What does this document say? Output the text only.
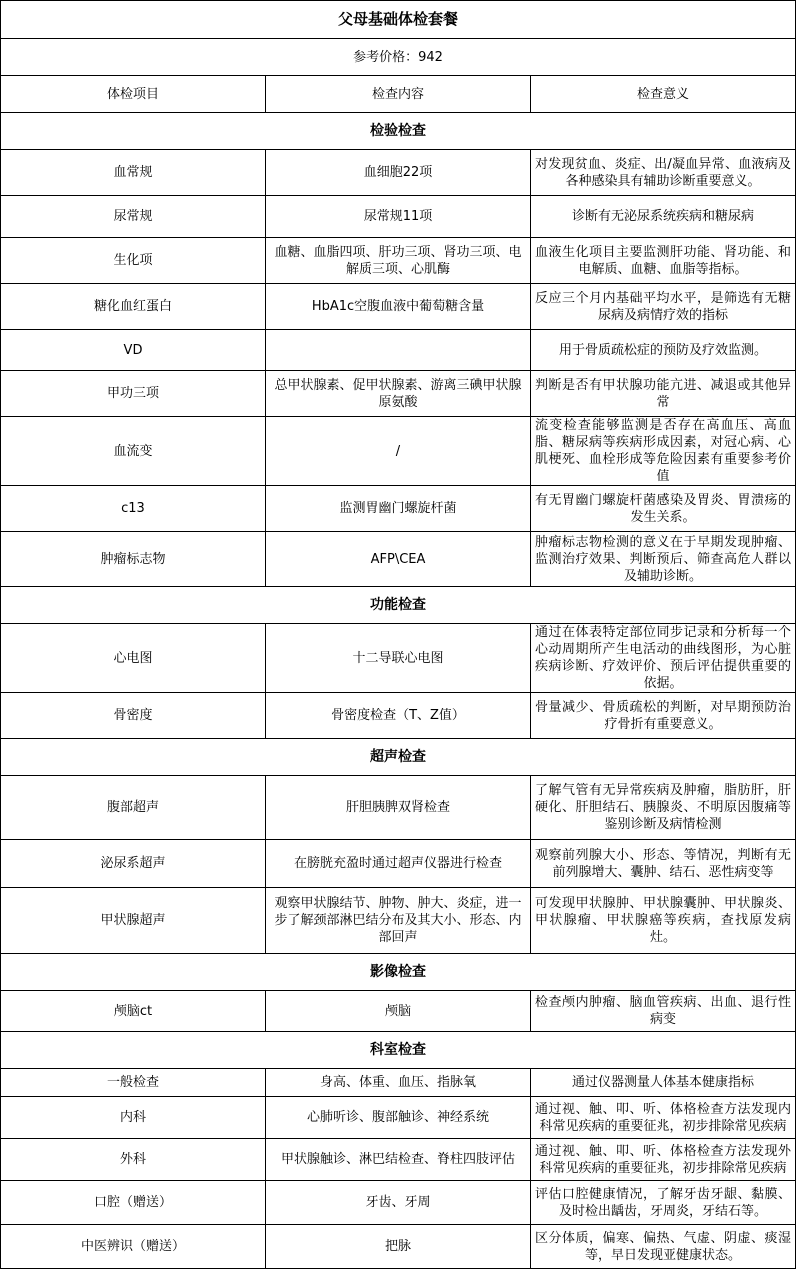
父母基础体检套餐		
参考价格：942		
体检项目	检查内容	检查意义
检验检查		
血常规	血细胞22项	对发现贫血、炎症、出/凝血异常、血液病及各种感染具有辅助诊断重要意义。
尿常规	尿常规11项	诊断有无泌尿系统疾病和糖尿病
生化项	血糖、血脂四项、肝功三项、肾功三项、电解质三项、心肌酶	血液生化项目主要监测肝功能、肾功能、和电解质、血糖、血脂等指标。
糖化血红蛋白	HbA1c空腹血液中葡萄糖含量	反应三个月内基础平均水平，是筛选有无糖尿病及病情疗效的指标
VD		用于骨质疏松症的预防及疗效监测。
甲功三项	总甲状腺素、促甲状腺素、游离三碘甲状腺原氨酸	判断是否有甲状腺功能亢进、减退或其他异常
血流变	/	流变检查能够监测是否存在高血压、高血脂、糖尿病等疾病形成因素，对冠心病、心肌梗死、血栓形成等危险因素有重要参考价值
c13	监测胃幽门螺旋杆菌	有无胃幽门螺旋杆菌感染及胃炎、胃溃疡的发生关系。
肿瘤标志物	AFP\CEA	肿瘤标志物检测的意义在于早期发现肿瘤、监测治疗效果、判断预后、筛查高危人群以及辅助诊断。
功能检查		
心电图	十二导联心电图	通过在体表特定部位同步记录和分析每一个心动周期所产生电活动的曲线图形，为心脏疾病诊断、疗效评价、预后评估提供重要的依据。
骨密度	骨密度检查（T、Z值）	骨量减少、骨质疏松的判断，对早期预防治疗骨折有重要意义。
超声检查		
腹部超声	肝胆胰脾双肾检查	了解气管有无异常疾病及肿瘤，脂肪肝，肝硬化、肝胆结石、胰腺炎、不明原因腹痛等鉴别诊断及病情检测
泌尿系超声	在膀胱充盈时通过超声仪器进行检查	观察前列腺大小、形态、等情况，判断有无前列腺增大、囊肿、结石、恶性病变等
甲状腺超声	观察甲状腺结节、肿物、肿大、炎症，进一步了解颈部淋巴结分布及其大小、形态、内部回声	可发现甲状腺肿、甲状腺囊肿、甲状腺炎、甲状腺瘤、甲状腺癌等疾病，查找原发病灶。
影像检查		
颅脑ct	颅脑	检查颅内肿瘤、脑血管疾病、出血、退行性病变
科室检查		
一般检查	身高、体重、血压、指脉氧	通过仪器测量人体基本健康指标
内科	心肺听诊、腹部触诊、神经系统	通过视、触、叩、听、体格检查方法发现内科常见疾病的重要征兆，初步排除常见疾病
外科	甲状腺触诊、淋巴结检查、脊柱四肢评估	通过视、触、叩、听、体格检查方法发现外科常见疾病的重要征兆，初步排除常见疾病
口腔（赠送）	牙齿、牙周	评估口腔健康情况，了解牙齿牙龈、黏膜、及时检出龋齿，牙周炎，牙结石等。
中医辨识（赠送）	把脉	区分体质，偏寒、偏热、气虚、阴虚、痰湿等，早日发现亚健康状态。
